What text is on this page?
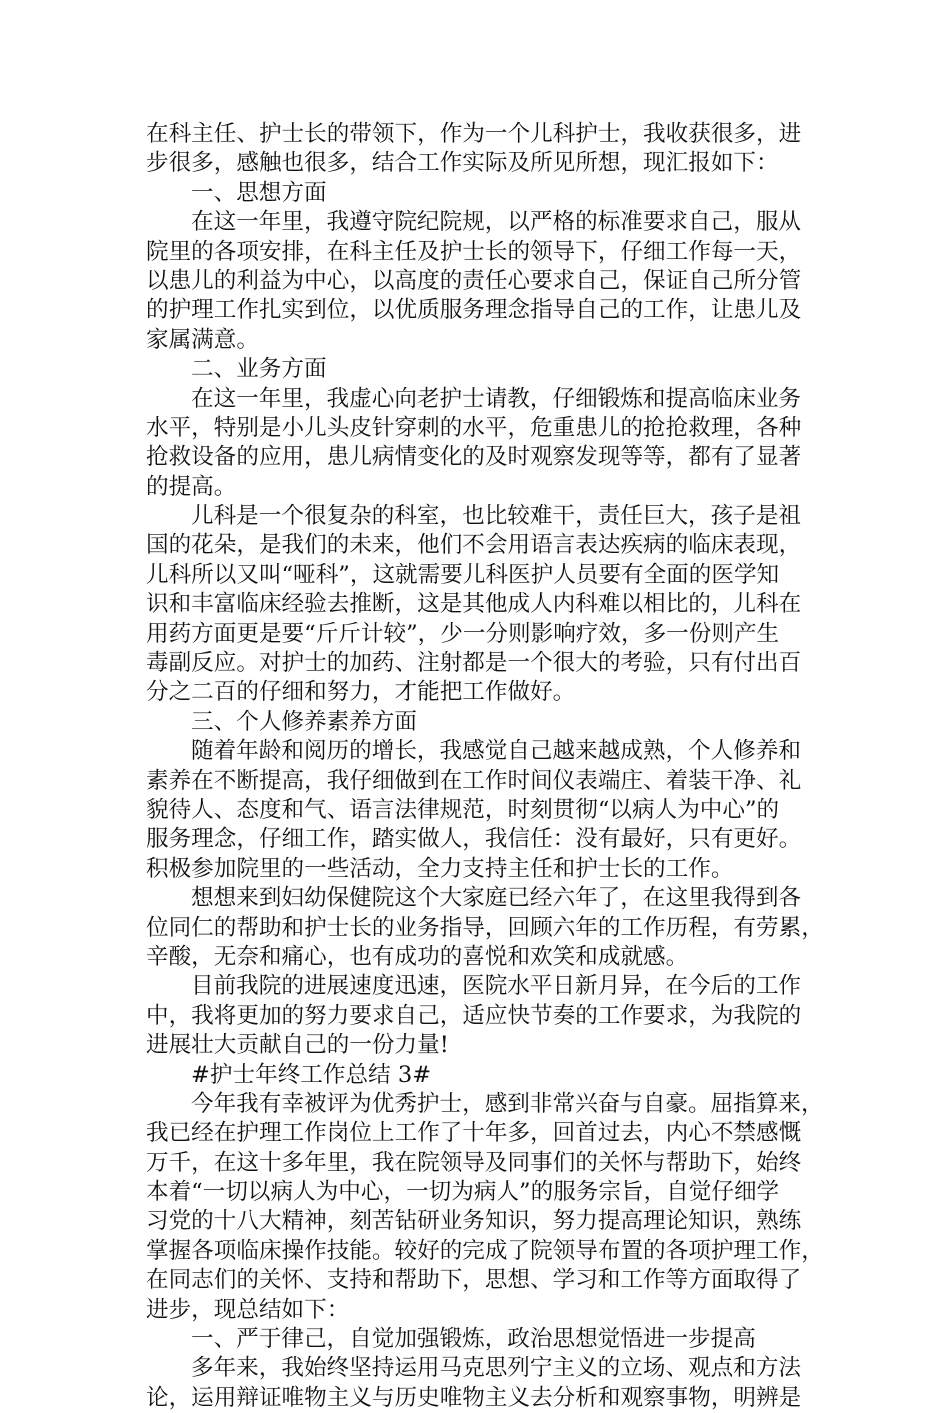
在科主任、护士长的带领下，作为一个儿科护士，我收获很多，进
步很多，感触也很多，结合工作实际及所见所想，现汇报如下：
一、思想方面
在这一年里，我遵守院纪院规，以严格的标准要求自己，服从
院里的各项安排，在科主任及护士长的领导下，仔细工作每一天，
以患儿的利益为中心，以高度的责任心要求自己，保证自己所分管
的护理工作扎实到位，以优质服务理念指导自己的工作，让患儿及
家属满意。
二、业务方面
在这一年里，我虚心向老护士请教，仔细锻炼和提高临床业务
水平，特别是小儿头皮针穿刺的水平，危重患儿的抢抢救理，各种
抢救设备的应用，患儿病情变化的及时观察发现等等，都有了显著
的提高。
儿科是一个很复杂的科室，也比较难干，责任巨大，孩子是祖
国的花朵，是我们的未来，他们不会用语言表达疾病的临床表现，
儿科所以又叫“哑科”，这就需要儿科医护人员要有全面的医学知
识和丰富临床经验去推断，这是其他成人内科难以相比的，儿科在
用药方面更是要“斤斤计较”，少一分则影响疗效，多一份则产生
毒副反应。对护士的加药、注射都是一个很大的考验，只有付出百
分之二百的仔细和努力，才能把工作做好。
三、个人修养素养方面
随着年龄和阅历的增长，我感觉自己越来越成熟，个人修养和
素养在不断提高，我仔细做到在工作时间仪表端庄、着装干净、礼
貌待人、态度和气、语言法律规范，时刻贯彻“以病人为中心”的
服务理念，仔细工作，踏实做人，我信任：没有最好，只有更好。
积极参加院里的一些活动，全力支持主任和护士长的工作。
想想来到妇幼保健院这个大家庭已经六年了，在这里我得到各
位同仁的帮助和护士长的业务指导，回顾六年的工作历程，有劳累，
辛酸，无奈和痛心，也有成功的喜悦和欢笑和成就感。
目前我院的进展速度迅速，医院水平日新月异，在今后的工作
中，我将更加的努力要求自己，适应快节奏的工作要求，为我院的
进展壮大贡献自己的一份力量!
#护士年终工作总结 3#
今年我有幸被评为优秀护士，感到非常兴奋与自豪。屈指算来，
我已经在护理工作岗位上工作了十年多，回首过去，内心不禁感慨
万千，在这十多年里，我在院领导及同事们的关怀与帮助下，始终
本着“一切以病人为中心，一切为病人”的服务宗旨，自觉仔细学
习党的十八大精神，刻苦钻研业务知识，努力提高理论知识，熟练
掌握各项临床操作技能。较好的完成了院领导布置的各项护理工作，
在同志们的关怀、支持和帮助下，思想、学习和工作等方面取得了
进步，现总结如下：
一、严于律己，自觉加强锻炼，政治思想觉悟进一步提高
多年来，我始终坚持运用马克思列宁主义的立场、观点和方法
论，运用辩证唯物主义与历史唯物主义去分析和观察事物，明辨是
